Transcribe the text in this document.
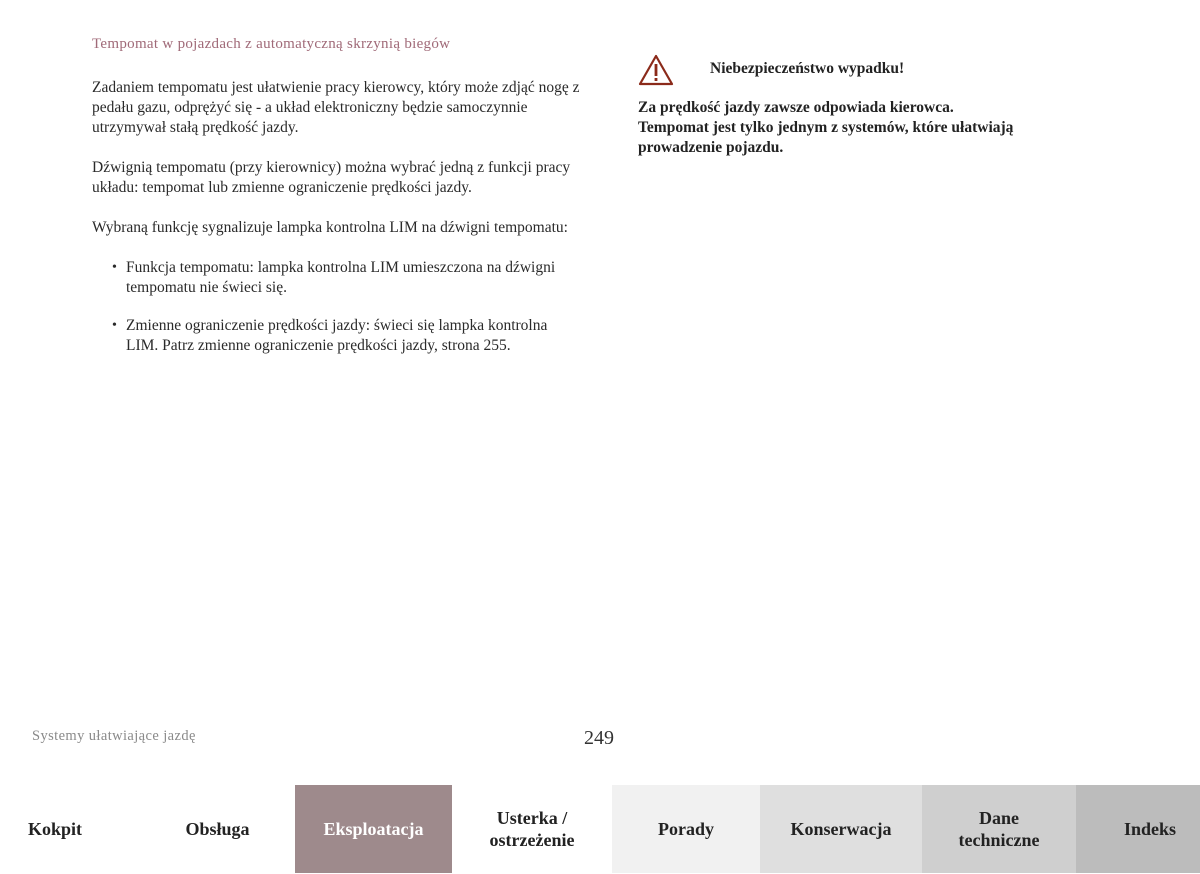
Tempomat w pojazdach z automatyczną skrzynią biegów

Zadaniem tempomatu jest ułatwienie pracy kierowcy, który może zdjąć nogę z pedału gazu, odprężyć się - a układ elektroniczny będzie samoczynnie utrzymywał stałą prędkość jazdy.

Dźwignią tempomatu (przy kierownicy) można wybrać jedną z funkcji pracy układu: tempomat lub zmienne ograniczenie prędkości jazdy.

Wybraną funkcję sygnalizuje lampka kontrolna LIM na dźwigni tempomatu:

• Funkcja tempomatu: lampka kontrolna LIM umieszczona na dźwigni tempomatu nie świeci się.
• Zmienne ograniczenie prędkości jazdy: świeci się lampka kontrolna LIM. Patrz zmienne ograniczenie prędkości jazdy, strona 255.
Niebezpieczeństwo wypadku!
Za prędkość jazdy zawsze odpowiada kierowca.
Tempomat jest tylko jednym z systemów, które ułatwiają
prowadzenie pojazdu.
Systemy ułatwiające jazdę	249
Kokpit	Obsługa	Eksploatacja
Usterka /
ostrzeżenie
Porady	Konserwacja
Dane
techniczne
Indeks
